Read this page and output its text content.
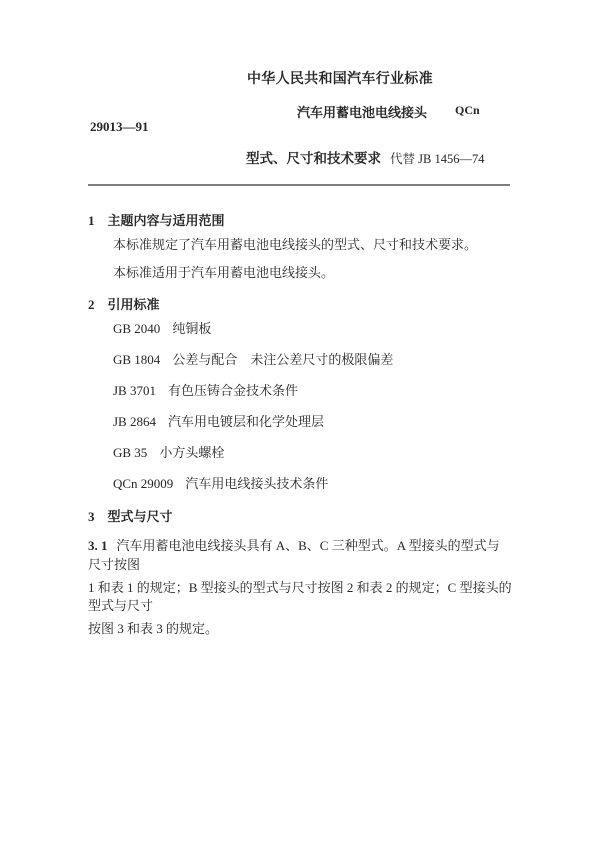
中华人民共和国汽车行业标准
汽车用蓄电池电线接头 QCn
29013—91
型式、尺寸和技术要求 代替 JB 1456—74
1 主题内容与适用范围

本标准规定了汽车用蓄电池电线接头的型式、尺寸和技术要求。

本标准适用于汽车用蓄电池电线接头。

2 引用标准
GB 2040 纯铜板
GB 1804 公差与配合　未注公差尺寸的极限偏差
JB 3701 有色压铸合金技术条件
JB 2864 汽车用电镀层和化学处理层
GB 35 小方头螺栓
QCn 29009 汽车用电线接头技术条件
3 型式与尺寸

3. 1 汽车用蓄电池电线接头具有 A、B、C 三种型式。A 型接头的型式与尺寸按图

1 和表 1 的规定；B 型接头的型式与尺寸按图 2 和表 2 的规定；C 型接头的型式与尺寸

按图 3 和表 3 的规定。
